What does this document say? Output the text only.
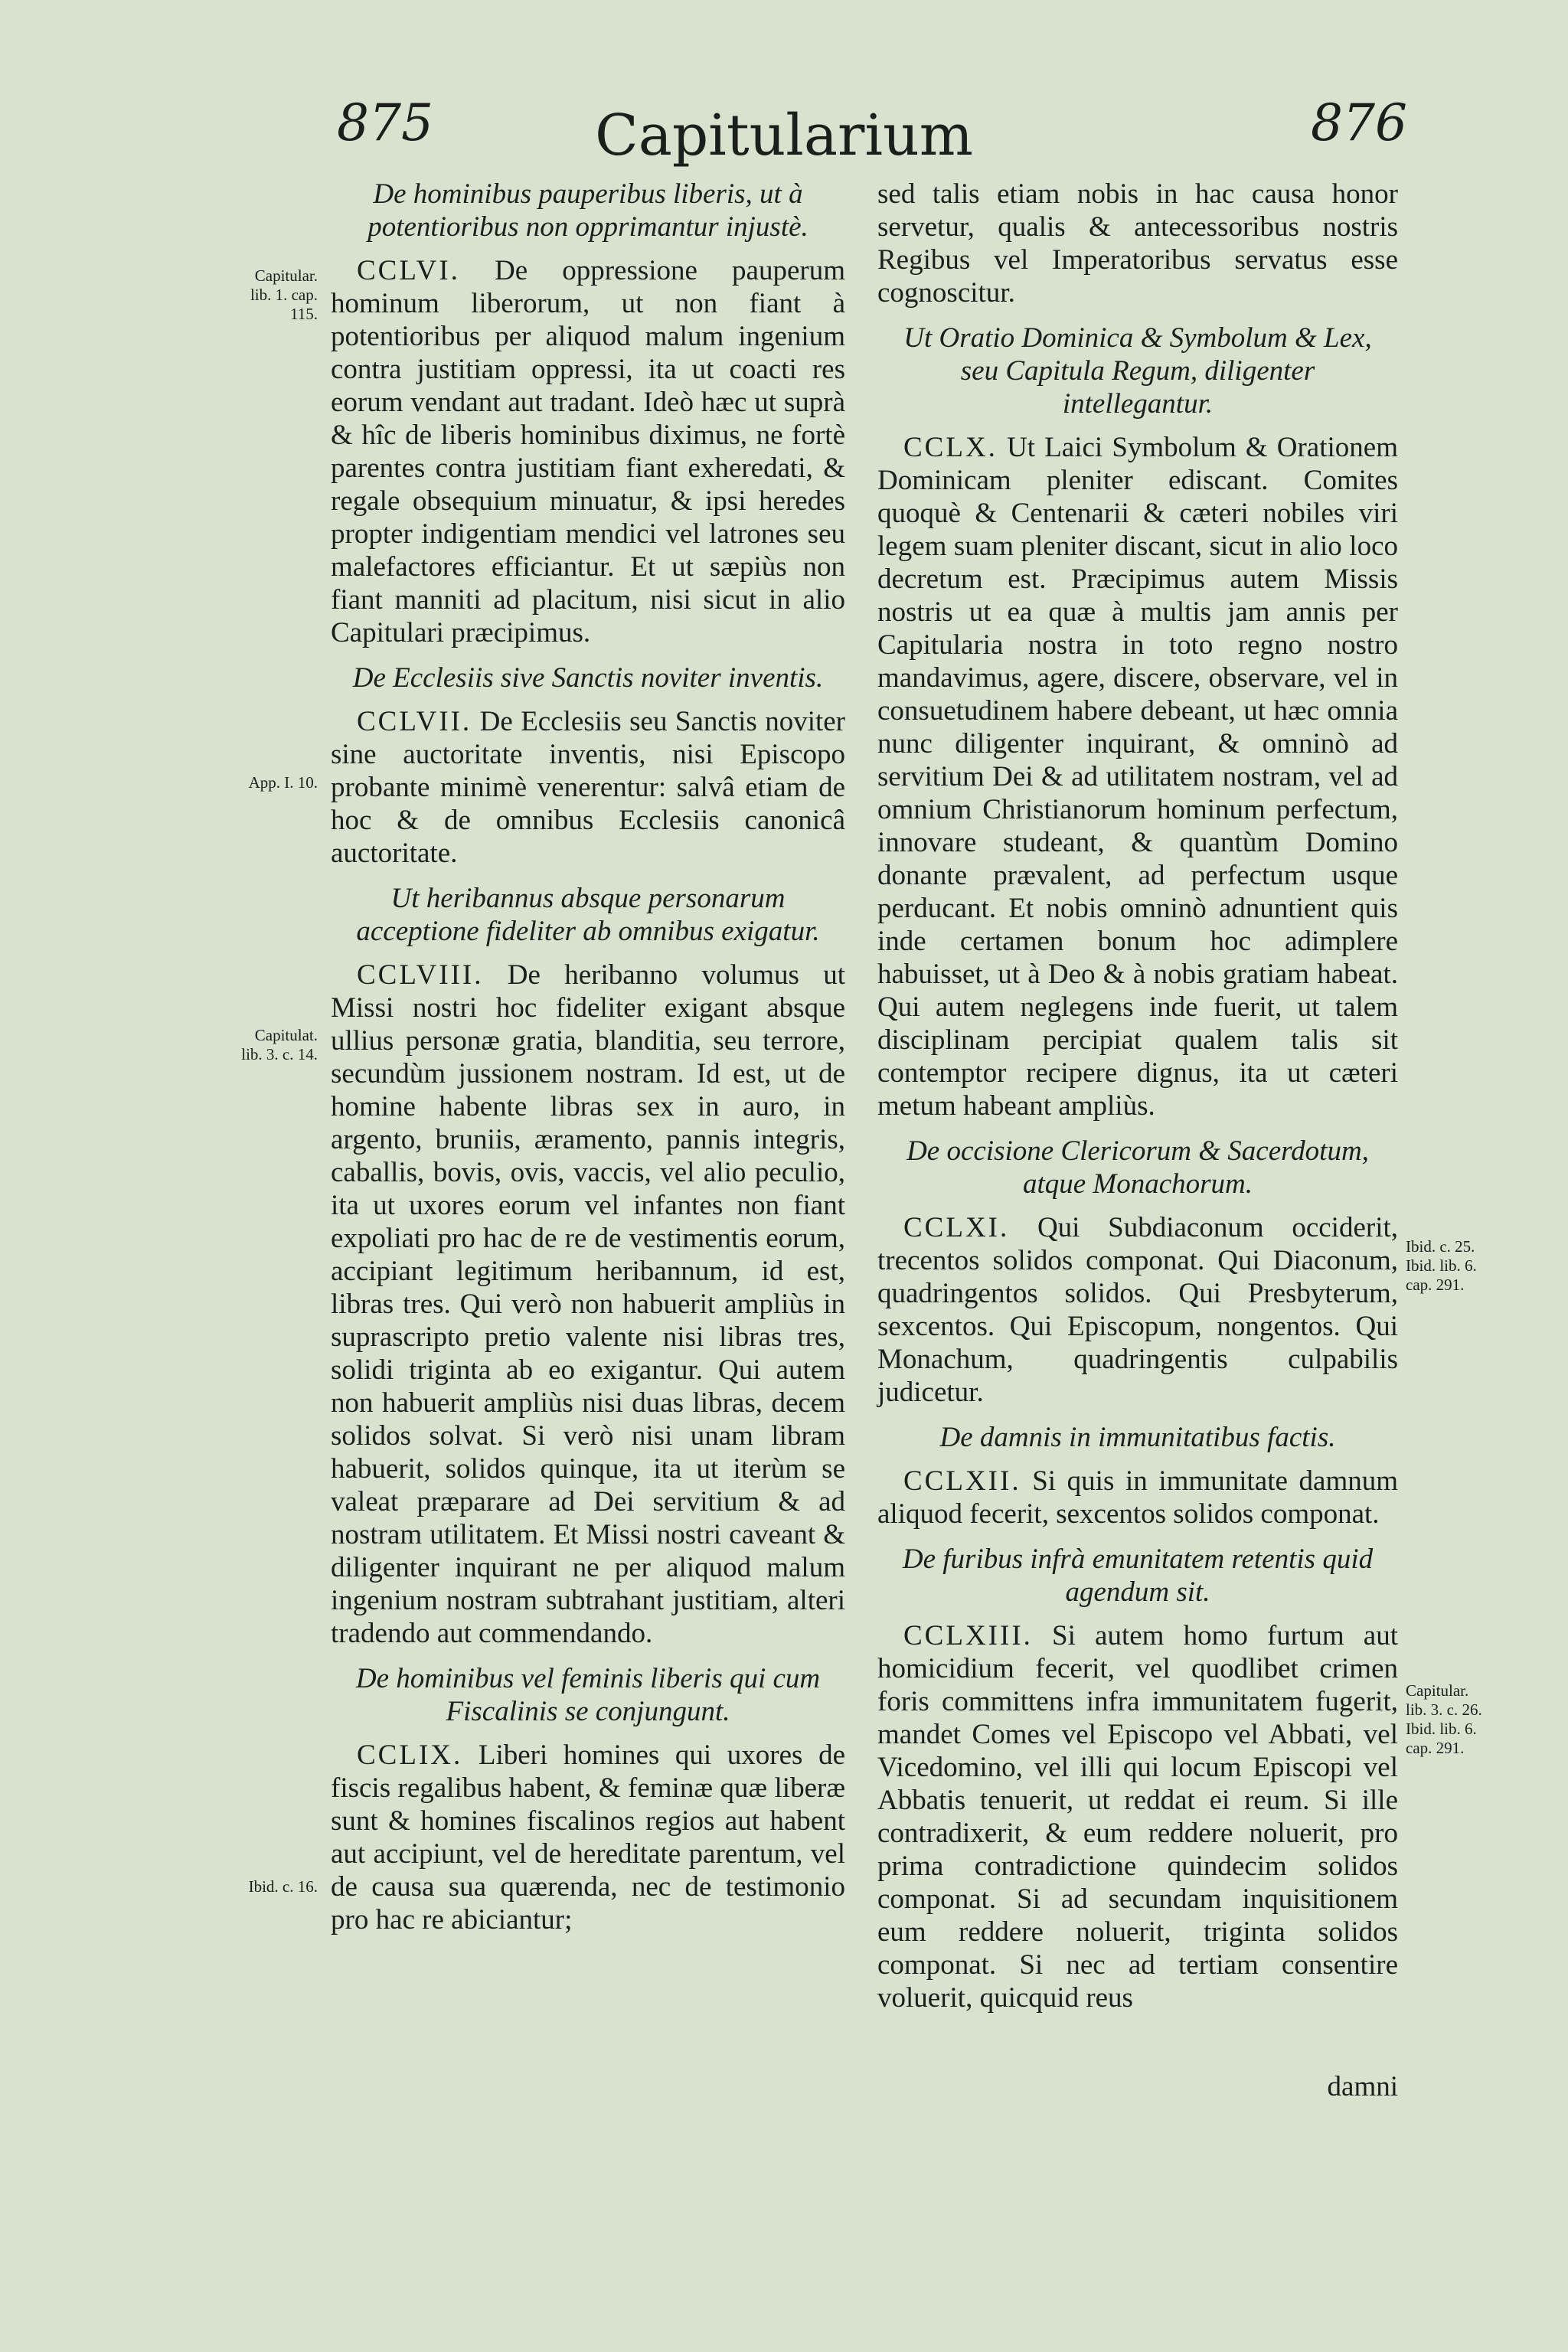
875	Capitularium	876

De hominibus pauperibus liberis, ut à potentioribus non opprimantur injustè.

CCLVI. De oppressione pauperum hominum liberorum, ut non fiant à potentioribus per aliquod malum ingenium contra justitiam oppressi, ita ut coacti res eorum vendant aut tradant. Ideò hæc ut suprà & hîc de liberis hominibus diximus, ne fortè parentes contra justitiam fiant exheredati, & regale obsequium minuatur, & ipsi heredes propter indigentiam mendici vel latrones seu malefactores efficiantur. Et ut sæpiùs non fiant manniti ad placitum, nisi sicut in alio Capitulari præcipimus.

De Ecclesiis sive Sanctis noviter inventis.

CCLVII. De Ecclesiis seu Sanctis noviter sine auctoritate inventis, nisi Episcopo probante minimè venerentur: salvâ etiam de hoc & de omnibus Ecclesiis canonicâ auctoritate.

Ut heribannus absque personarum acceptione fideliter ab omnibus exigatur.

CCLVIII. De heribanno volumus ut Missi nostri hoc fideliter exigant absque ullius personæ gratia, blanditia, seu terrore, secundùm jussionem nostram. Id est, ut de homine habente libras sex in auro, in argento, bruniis, æramento, pannis integris, caballis, bovis, ovis, vaccis, vel alio peculio, ita ut uxores eorum vel infantes non fiant expoliati pro hac de re de vestimentis eorum, accipiant legitimum heribannum, id est, libras tres. Qui verò non habuerit ampliùs in suprascripto pretio valente nisi libras tres, solidi triginta ab eo exigantur. Qui autem non habuerit ampliùs nisi duas libras, decem solidos solvat. Si verò nisi unam libram habuerit, solidos quinque, ita ut iterùm se valeat præparare ad Dei servitium & ad nostram utilitatem. Et Missi nostri caveant & diligenter inquirant ne per aliquod malum ingenium nostram subtrahant justitiam, alteri tradendo aut commendando.

De hominibus vel feminis liberis qui cum Fiscalinis se conjungunt.

CCLIX. Liberi homines qui uxores de fiscis regalibus habent, & feminæ quæ liberæ sunt & homines fiscalinos regios aut habent aut accipiunt, vel de hereditate parentum, vel de causa sua quærenda, nec de testimonio pro hac re abiciantur;

sed talis etiam nobis in hac causa honor servetur, qualis & antecessoribus nostris Regibus vel Imperatoribus servatus esse cognoscitur.

Ut Oratio Dominica & Symbolum & Lex, seu Capitula Regum, diligenter intellegantur.

CCLX. Ut Laici Symbolum & Orationem Dominicam pleniter ediscant. Comites quoquè & Centenarii & cæteri nobiles viri legem suam pleniter discant, sicut in alio loco decretum est. Præcipimus autem Missis nostris ut ea quæ à multis jam annis per Capitularia nostra in toto regno nostro mandavimus, agere, discere, observare, vel in consuetudinem habere debeant, ut hæc omnia nunc diligenter inquirant, & omninò ad servitium Dei & ad utilitatem nostram, vel ad omnium Christianorum hominum perfectum, innovare studeant, & quantùm Domino donante prævalent, ad perfectum usque perducant. Et nobis omninò adnuntient quis inde certamen bonum hoc adimplere habuisset, ut à Deo & à nobis gratiam habeat. Qui autem neglegens inde fuerit, ut talem disciplinam percipiat qualem talis sit contemptor recipere dignus, ita ut cæteri metum habeant ampliùs.

De occisione Clericorum & Sacerdotum, atque Monachorum.

CCLXI. Qui Subdiaconum occiderit, trecentos solidos componat. Qui Diaconum, quadringentos solidos. Qui Presbyterum, sexcentos. Qui Episcopum, nongentos. Qui Monachum, quadringentis culpabilis judicetur.

De damnis in immunitatibus factis.

CCLXII. Si quis in immunitate damnum aliquod fecerit, sexcentos solidos componat.

De furibus infrà emunitatem retentis quid agendum sit.

CCLXIII. Si autem homo furtum aut homicidium fecerit, vel quodlibet crimen foris committens infra immunitatem fugerit, mandet Comes vel Episcopo vel Abbati, vel Vicedomino, vel illi qui locum Episcopi vel Abbatis tenuerit, ut reddat ei reum. Si ille contradixerit, & eum reddere noluerit, pro prima contradictione quindecim solidos componat. Si ad secundam inquisitionem eum reddere noluerit, triginta solidos componat. Si nec ad tertiam consentire voluerit, quicquid reus

Capitular.
lib. 1. cap.
115.
App. I. 10.
Capitulat.
lib. 3. c. 14.
Ibid. c. 16.
Ibid. c. 25.
Ibid. lib. 6.
cap. 291.
Capitular.
lib. 3. c. 26.
Ibid. lib. 6.
cap. 291.
damni
